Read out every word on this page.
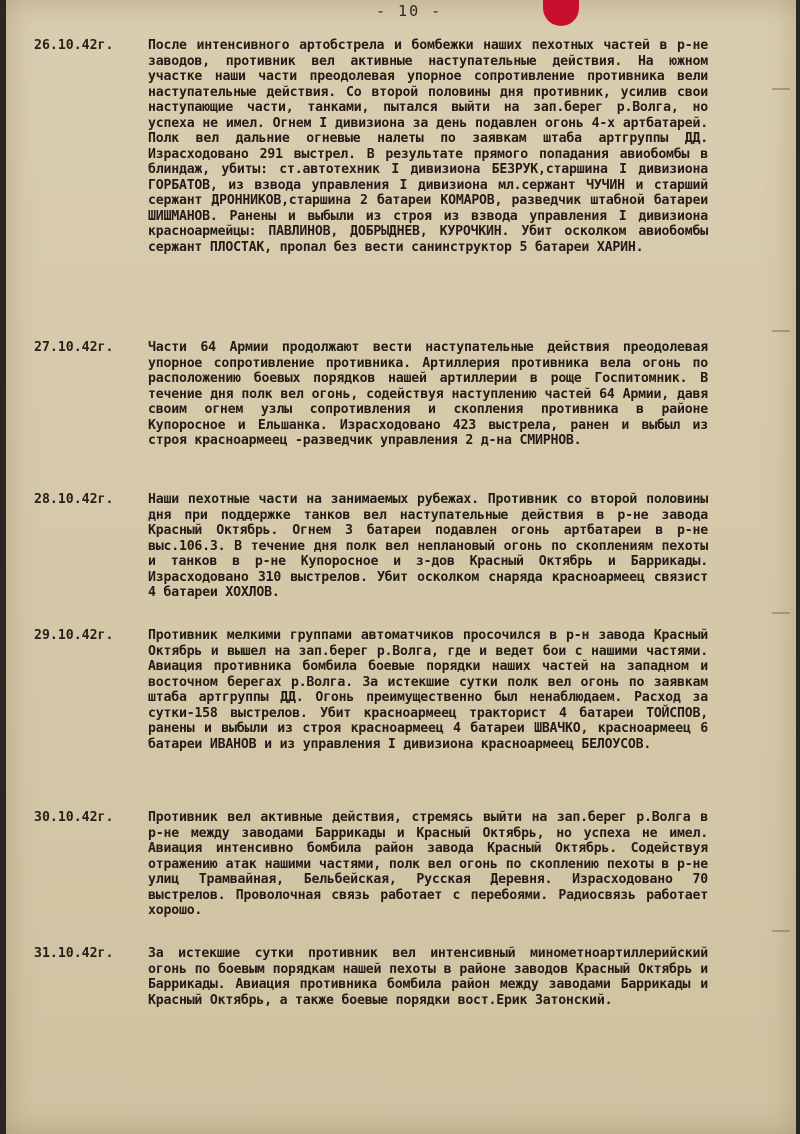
- 10 -
26.10.42г.	После интенсивного артобстрела и бомбежки наших пехотных частей в р-не заводов, противник вел активные наступательные действия. На южном участке наши части преодолевая упорное сопротивление противника вели наступательные действия. Со второй половины дня противник, усилив свои наступающие части, танками, пытался выйти на зап.берег р.Волга, но успеха не имел. Огнем I дивизиона за день подавлен огонь 4-х артбатарей. Полк вел дальние огневые налеты по заявкам штаба артгруппы ДД. Израсходовано 291 выстрел. В результате прямого попадания авиобомбы в блиндаж, убиты: ст.автотехник I дивизиона БЕЗРУК,старшина I дивизиона ГОРБАТОВ, из взвода управления I дивизиона мл.сержант ЧУЧИН и старший сержант ДРОННИКОВ,старшина 2 батареи КОМАРОВ, разведчик штабной батареи ШИШМАНОВ. Ранены и выбыли из строя из взвода управления I дивизиона красноармейцы: ПАВЛИНОВ, ДОБРЫДНЕВ, КУРОЧКИН. Убит осколком авиобомбы сержант ПЛОСТАК, пропал без вести санинструктор 5 батареи ХАРИН.
27.10.42г.	Части 64 Армии продолжают вести наступательные действия преодолевая упорное сопротивление противника. Артиллерия противника вела огонь по расположению боевых порядков нашей артиллерии в роще Госпитомник. В течение дня полк вел огонь, содействуя наступлению частей 64 Армии, давя своим огнем узлы сопротивления и скопления противника в районе Купоросное и Ельшанка. Израсходовано 423 выстрела, ранен и выбыл из строя красноармеец -разведчик управления 2 д-на СМИРНОВ.
28.10.42г.	Наши пехотные части на занимаемых рубежах. Противник со второй половины дня при поддержке танков вел наступательные действия в р-не завода Красный Октябрь. Огнем 3 батареи подавлен огонь артбатареи в р-не выс.106.3. В течение дня полк вел неплановый огонь по скоплениям пехоты и танков в р-не Купоросное и з-дов Красный Октябрь и Баррикады. Израсходовано 310 выстрелов. Убит осколком снаряда красноармеец связист 4 батареи ХОХЛОВ.
29.10.42г.	Противник мелкими группами автоматчиков просочился в р-н завода Красный Октябрь и вышел на зап.берег р.Волга, где и ведет бои с нашими частями. Авиация противника бомбила боевые порядки наших частей на западном и восточном берегах р.Волга. За истекшие сутки полк вел огонь по заявкам штаба артгруппы ДД. Огонь преимущественно был ненаблюдаем. Расход за сутки-158 выстрелов. Убит красноармеец тракторист 4 батареи ТОЙСПОВ, ранены и выбыли из строя красноармеец 4 батареи ШВАЧКО, красноармеец 6 батареи ИВАНОВ и из управления I дивизиона красноармеец БЕЛОУСОВ.
30.10.42г.	Противник вел активные действия, стремясь выйти на зап.берег р.Волга в р-не между заводами Баррикады и Красный Октябрь, но успеха не имел. Авиация интенсивно бомбила район завода Красный Октябрь. Содействуя отражению атак нашими частями, полк вел огонь по скоплению пехоты в р-не улиц Трамвайная, Бельбейская, Русская Деревня. Израсходовано 70 выстрелов. Проволочная связь работает с перебоями. Радиосвязь работает хорошо.
31.10.42г.	За истекшие сутки противник вел интенсивный минометноартиллерийский огонь по боевым порядкам нашей пехоты в районе заводов Красный Октябрь и Баррикады. Авиация противника бомбила район между заводами Баррикады и Красный Октябрь, а также боевые порядки вост.Ерик Затонский.
